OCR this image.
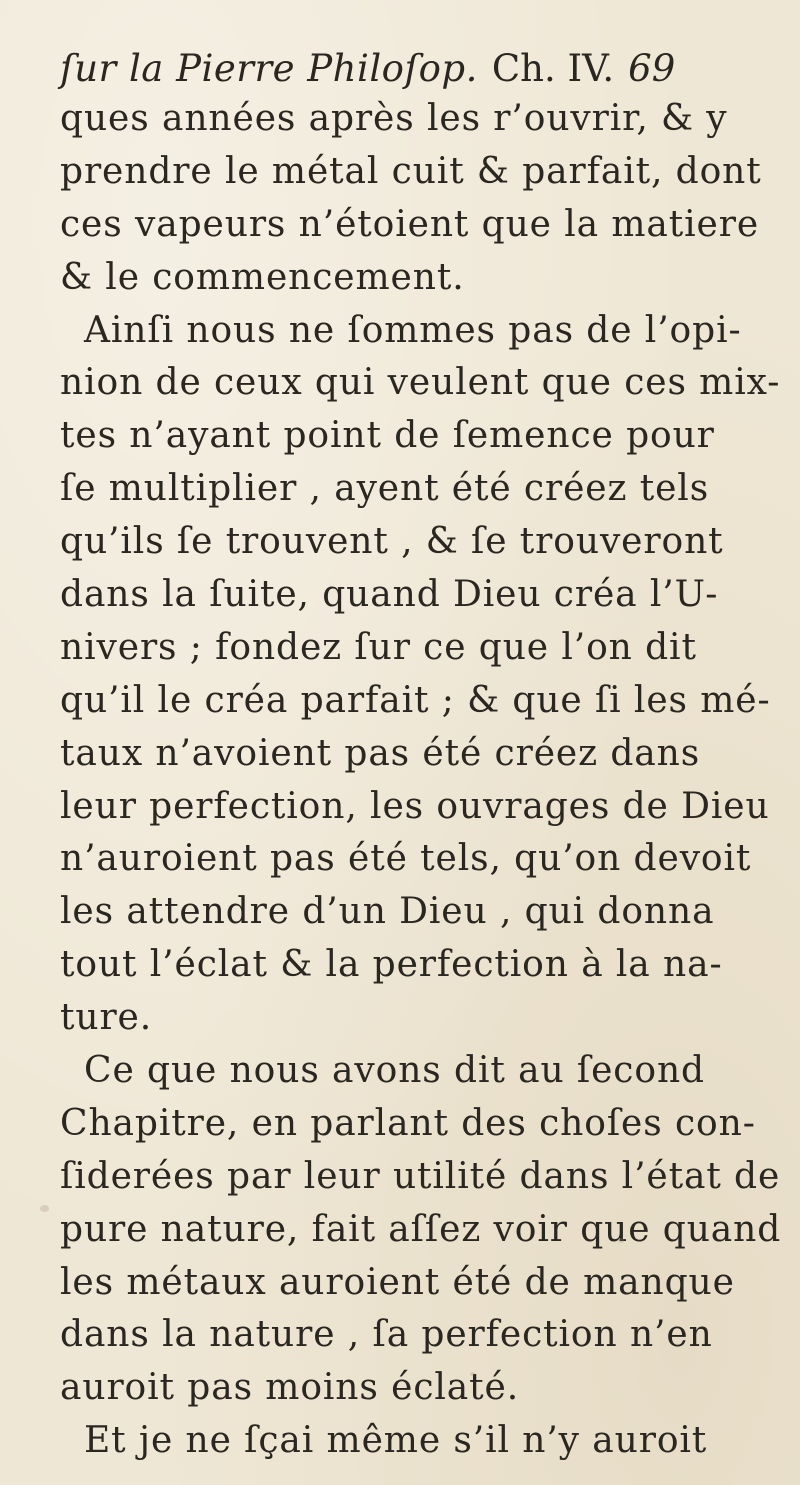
ſur la Pierre Philoſop. Ch. IV. 69
ques années après les r’ouvrir, & y
prendre le métal cuit & parfait, dont
ces vapeurs n’étoient que la matiere
& le commencement.
Ainſi nous ne ſommes pas de l’opi-
nion de ceux qui veulent que ces mix-
tes n’ayant point de ſemence pour
ſe multiplier , ayent été créez tels
qu’ils ſe trouvent , & ſe trouveront
dans la ſuite, quand Dieu créa l’U-
nivers ; fondez ſur ce que l’on dit
qu’il le créa parfait ; & que ſi les mé-
taux n’avoient pas été créez dans
leur perfection, les ouvrages de Dieu
n’auroient pas été tels, qu’on devoit
les attendre d’un Dieu , qui donna
tout l’éclat & la perfection à la na-
ture.
Ce que nous avons dit au ſecond
Chapitre, en parlant des choſes con-
ſiderées par leur utilité dans l’état de
pure nature, fait aſſez voir que quand
les métaux auroient été de manque
dans la nature , ſa perfection n’en
auroit pas moins éclaté.
Et je ne ſçai même s’il n’y auroit
